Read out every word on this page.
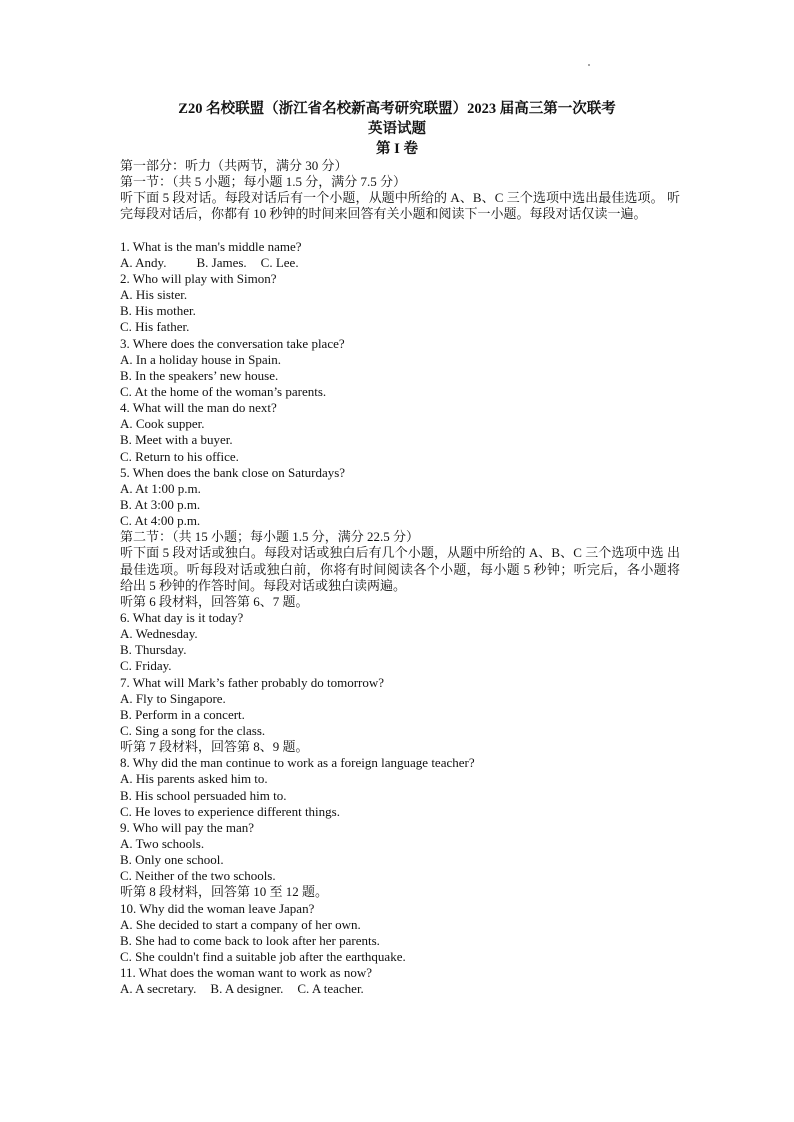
Z20 名校联盟（浙江省名校新高考研究联盟）2023 届高三第一次联考
英语试题
第 I 卷
第一部分：听力（共两节，满分 30 分）
第一节：（共 5 小题；每小题 1.5 分，满分 7.5 分）
听下面 5 段对话。每段对话后有一个小题，从题中所给的 A、B、C 三个选项中选出最佳选项。 听完每段对话后，你都有 10 秒钟的时间来回答有关小题和阅读下一小题。每段对话仅读一遍。
1. What is the man's middle name?
A. Andy. B. James. C. Lee.
2. Who will play with Simon?
A. His sister.
B. His mother.
C. His father.
3. Where does the conversation take place?
A. In a holiday house in Spain.
B. In the speakers’ new house.
C. At the home of the woman’s parents.
4. What will the man do next?
A. Cook supper.
B. Meet with a buyer.
C. Return to his office.
5. When does the bank close on Saturdays?
A. At 1:00 p.m.
B. At 3:00 p.m.
C. At 4:00 p.m.
第二节：（共 15 小题；每小题 1.5 分，满分 22.5 分）
听下面 5 段对话或独白。每段对话或独白后有几个小题，从题中所给的 A、B、C 三个选项中选 出最佳选项。听每段对话或独白前，你将有时间阅读各个小题，每小题 5 秒钟；听完后，各小题将 给出 5 秒钟的作答时间。每段对话或独白读两遍。
听第 6 段材料，回答第 6、7 题。
6. What day is it today?
A. Wednesday.
B. Thursday.
C. Friday.
7. What will Mark’s father probably do tomorrow?
A. Fly to Singapore.
B. Perform in a concert.
C. Sing a song for the class.
听第 7 段材料，回答第 8、9 题。
8. Why did the man continue to work as a foreign language teacher?
A. His parents asked him to.
B. His school persuaded him to.
C. He loves to experience different things.
9. Who will pay the man?
A. Two schools.
B. Only one school.
C. Neither of the two schools.
听第 8 段材料，回答第 10 至 12 题。
10. Why did the woman leave Japan?
A. She decided to start a company of her own.
B. She had to come back to look after her parents.
C. She couldn't find a suitable job after the earthquake.
11. What does the woman want to work as now?
A. A secretary. B. A designer. C. A teacher.
